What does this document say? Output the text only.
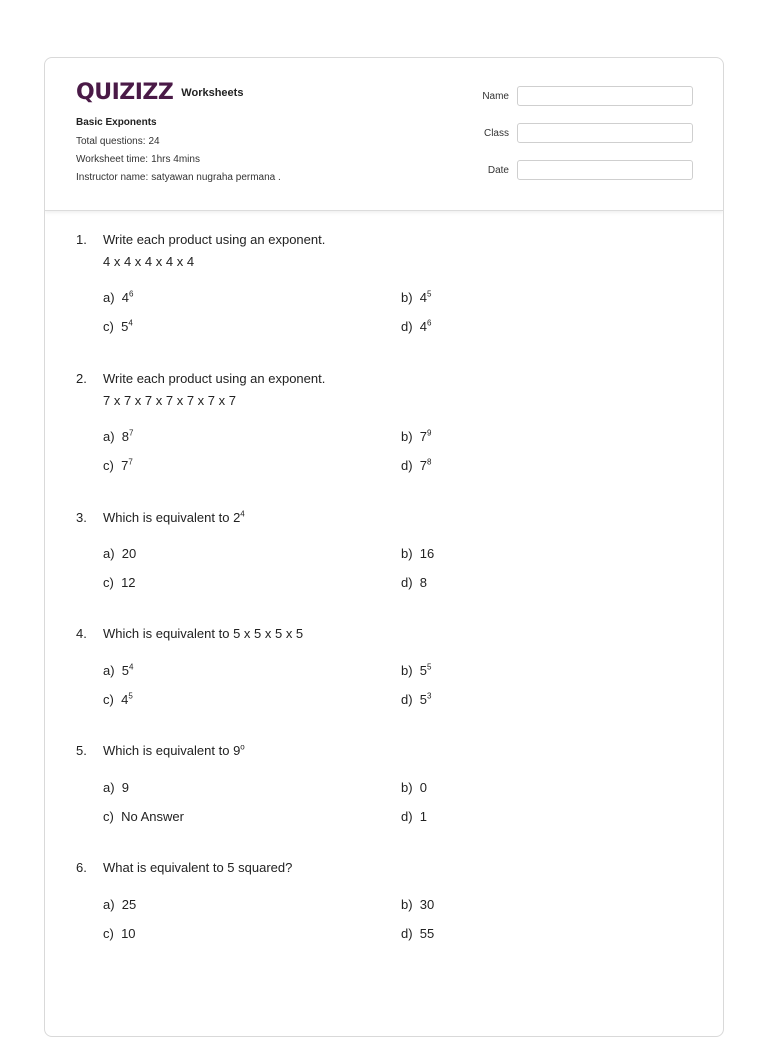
QUIZIZZ Worksheets
Basic Exponents
Total questions: 24
Worksheet time: 1hrs 4mins
Instructor name: satyawan nugraha permana .
Name
Class
Date
1. Write each product using an exponent.
4 x 4 x 4 x 4 x 4
a) $4^6$	b) $4^5$
c) $5^4$	d) $4^6$
2. Write each product using an exponent.
7 x 7 x 7 x 7 x 7 x 7 x 7
a) $8^7$	b) $7^9$
c) $7^7$	d) $7^8$
3. Which is equivalent to $2^4$
a) 20	b) 16
c) 12	d) 8
4. Which is equivalent to 5 x 5 x 5 x 5
a) $5^4$	b) $5^5$
c) $4^5$	d) $5^3$
5. Which is equivalent to 9$^o$
a) 9	b) 0
c) No Answer	d) 1
6. What is equivalent to 5 squared?
a) 25	b) 30
c) 10	d) 55
